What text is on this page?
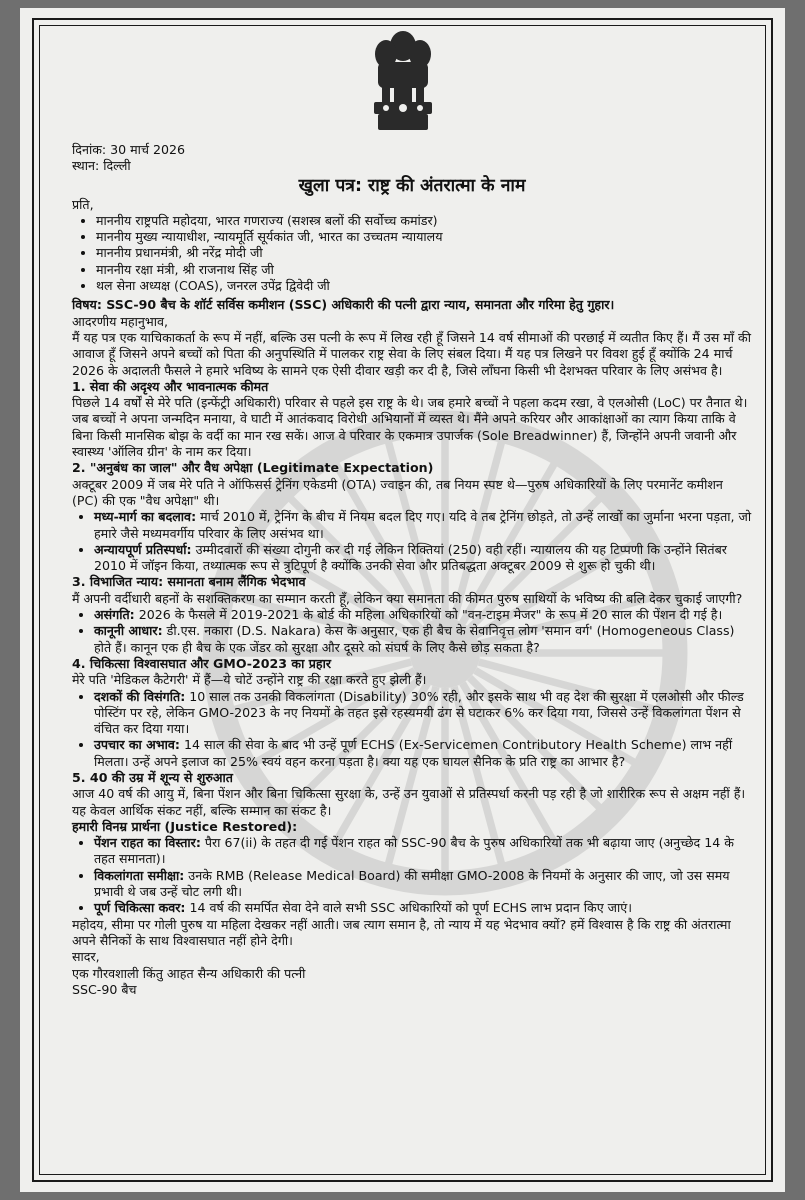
दिनांक: 30 मार्च 2026

स्थान: दिल्ली

खुला पत्र: राष्ट्र की अंतरात्मा के नाम

प्रति,

• माननीय राष्ट्रपति महोदया, भारत गणराज्य (सशस्त्र बलों की सर्वोच्च कमांडर)
• माननीय मुख्य न्यायाधीश, न्यायमूर्ति सूर्यकांत जी, भारत का उच्चतम न्यायालय
• माननीय प्रधानमंत्री, श्री नरेंद्र मोदी जी
• माननीय रक्षा मंत्री, श्री राजनाथ सिंह जी
• थल सेना अध्यक्ष (COAS), जनरल उपेंद्र द्विवेदी जी

विषय: SSC-90 बैच के शॉर्ट सर्विस कमीशन (SSC) अधिकारी की पत्नी द्वारा न्याय, समानता और गरिमा हेतु गुहार।

आदरणीय महानुभाव,

मैं यह पत्र एक याचिकाकर्ता के रूप में नहीं, बल्कि उस पत्नी के रूप में लिख रही हूँ जिसने 14 वर्ष सीमाओं की परछाई में व्यतीत किए हैं। मैं उस माँ की आवाज हूँ जिसने अपने बच्चों को पिता की अनुपस्थिति में पालकर राष्ट्र सेवा के लिए संबल दिया। मैं यह पत्र लिखने पर विवश हुई हूँ क्योंकि 24 मार्च 2026 के अदालती फैसले ने हमारे भविष्य के सामने एक ऐसी दीवार खड़ी कर दी है, जिसे लाँघना किसी भी देशभक्त परिवार के लिए असंभव है।

1. सेवा की अदृश्य और भावनात्मक कीमत

पिछले 14 वर्षों से मेरे पति (इन्फेंट्री अधिकारी) परिवार से पहले इस राष्ट्र के थे। जब हमारे बच्चों ने पहला कदम रखा, वे एलओसी (LoC) पर तैनात थे। जब बच्चों ने अपना जन्मदिन मनाया, वे घाटी में आतंकवाद विरोधी अभियानों में व्यस्त थे। मैंने अपने करियर और आकांक्षाओं का त्याग किया ताकि वे बिना किसी मानसिक बोझ के वर्दी का मान रख सकें। आज वे परिवार के एकमात्र उपार्जक (Sole Breadwinner) हैं, जिन्होंने अपनी जवानी और स्वास्थ्य 'ऑलिव ग्रीन' के नाम कर दिया।

2. "अनुबंध का जाल" और वैध अपेक्षा (Legitimate Expectation)

अक्टूबर 2009 में जब मेरे पति ने ऑफिसर्स ट्रेनिंग एकेडमी (OTA) ज्वाइन की, तब नियम स्पष्ट थे—पुरुष अधिकारियों के लिए परमानेंट कमीशन (PC) की एक "वैध अपेक्षा" थी।

• मध्य-मार्ग का बदलाव: मार्च 2010 में, ट्रेनिंग के बीच में नियम बदल दिए गए। यदि वे तब ट्रेनिंग छोड़ते, तो उन्हें लाखों का जुर्माना भरना पड़ता, जो हमारे जैसे मध्यमवर्गीय परिवार के लिए असंभव था।
• अन्यायपूर्ण प्रतिस्पर्धा: उम्मीदवारों की संख्या दोगुनी कर दी गई लेकिन रिक्तियां (250) वही रहीं। न्यायालय की यह टिप्पणी कि उन्होंने सितंबर 2010 में जॉइन किया, तथ्यात्मक रूप से त्रुटिपूर्ण है क्योंकि उनकी सेवा और प्रतिबद्धता अक्टूबर 2009 से शुरू हो चुकी थी।

3. विभाजित न्याय: समानता बनाम लैंगिक भेदभाव

मैं अपनी वर्दीधारी बहनों के सशक्तिकरण का सम्मान करती हूँ, लेकिन क्या समानता की कीमत पुरुष साथियों के भविष्य की बलि देकर चुकाई जाएगी?

• असंगति: 2026 के फैसले में 2019-2021 के बोर्ड की महिला अधिकारियों को "वन-टाइम मेजर" के रूप में 20 साल की पेंशन दी गई है।
• कानूनी आधार: डी.एस. नकारा (D.S. Nakara) केस के अनुसार, एक ही बैच के सेवानिवृत्त लोग 'समान वर्ग' (Homogeneous Class) होते हैं। कानून एक ही बैच के एक जेंडर को सुरक्षा और दूसरे को संघर्ष के लिए कैसे छोड़ सकता है?

4. चिकित्सा विश्वासघात और GMO-2023 का प्रहार

मेरे पति 'मेडिकल कैटेगरी' में हैं—ये चोटें उन्होंने राष्ट्र की रक्षा करते हुए झेली हैं।

• दशकों की विसंगति: 10 साल तक उनकी विकलांगता (Disability) 30% रही, और इसके साथ भी वह देश की सुरक्षा में एलओसी और फील्ड पोस्टिंग पर रहे, लेकिन GMO-2023 के नए नियमों के तहत इसे रहस्यमयी ढंग से घटाकर 6% कर दिया गया, जिससे उन्हें विकलांगता पेंशन से वंचित कर दिया गया।
• उपचार का अभाव: 14 साल की सेवा के बाद भी उन्हें पूर्ण ECHS (Ex-Servicemen Contributory Health Scheme) लाभ नहीं मिलता। उन्हें अपने इलाज का 25% स्वयं वहन करना पड़ता है। क्या यह एक घायल सैनिक के प्रति राष्ट्र का आभार है?

5. 40 की उम्र में शून्य से शुरुआत

आज 40 वर्ष की आयु में, बिना पेंशन और बिना चिकित्सा सुरक्षा के, उन्हें उन युवाओं से प्रतिस्पर्धा करनी पड़ रही है जो शारीरिक रूप से अक्षम नहीं हैं। यह केवल आर्थिक संकट नहीं, बल्कि सम्मान का संकट है।

हमारी विनम्र प्रार्थना (Justice Restored):

• पेंशन राहत का विस्तार: पैरा 67(ii) के तहत दी गई पेंशन राहत को SSC-90 बैच के पुरुष अधिकारियों तक भी बढ़ाया जाए (अनुच्छेद 14 के तहत समानता)।
• विकलांगता समीक्षा: उनके RMB (Release Medical Board) की समीक्षा GMO-2008 के नियमों के अनुसार की जाए, जो उस समय प्रभावी थे जब उन्हें चोट लगी थी।
• पूर्ण चिकित्सा कवर: 14 वर्ष की समर्पित सेवा देने वाले सभी SSC अधिकारियों को पूर्ण ECHS लाभ प्रदान किए जाएं।

महोदय, सीमा पर गोली पुरुष या महिला देखकर नहीं आती। जब त्याग समान है, तो न्याय में यह भेदभाव क्यों? हमें विश्वास है कि राष्ट्र की अंतरात्मा अपने सैनिकों के साथ विश्वासघात नहीं होने देगी।

सादर,

एक गौरवशाली किंतु आहत सैन्य अधिकारी की पत्नी

SSC-90 बैच
